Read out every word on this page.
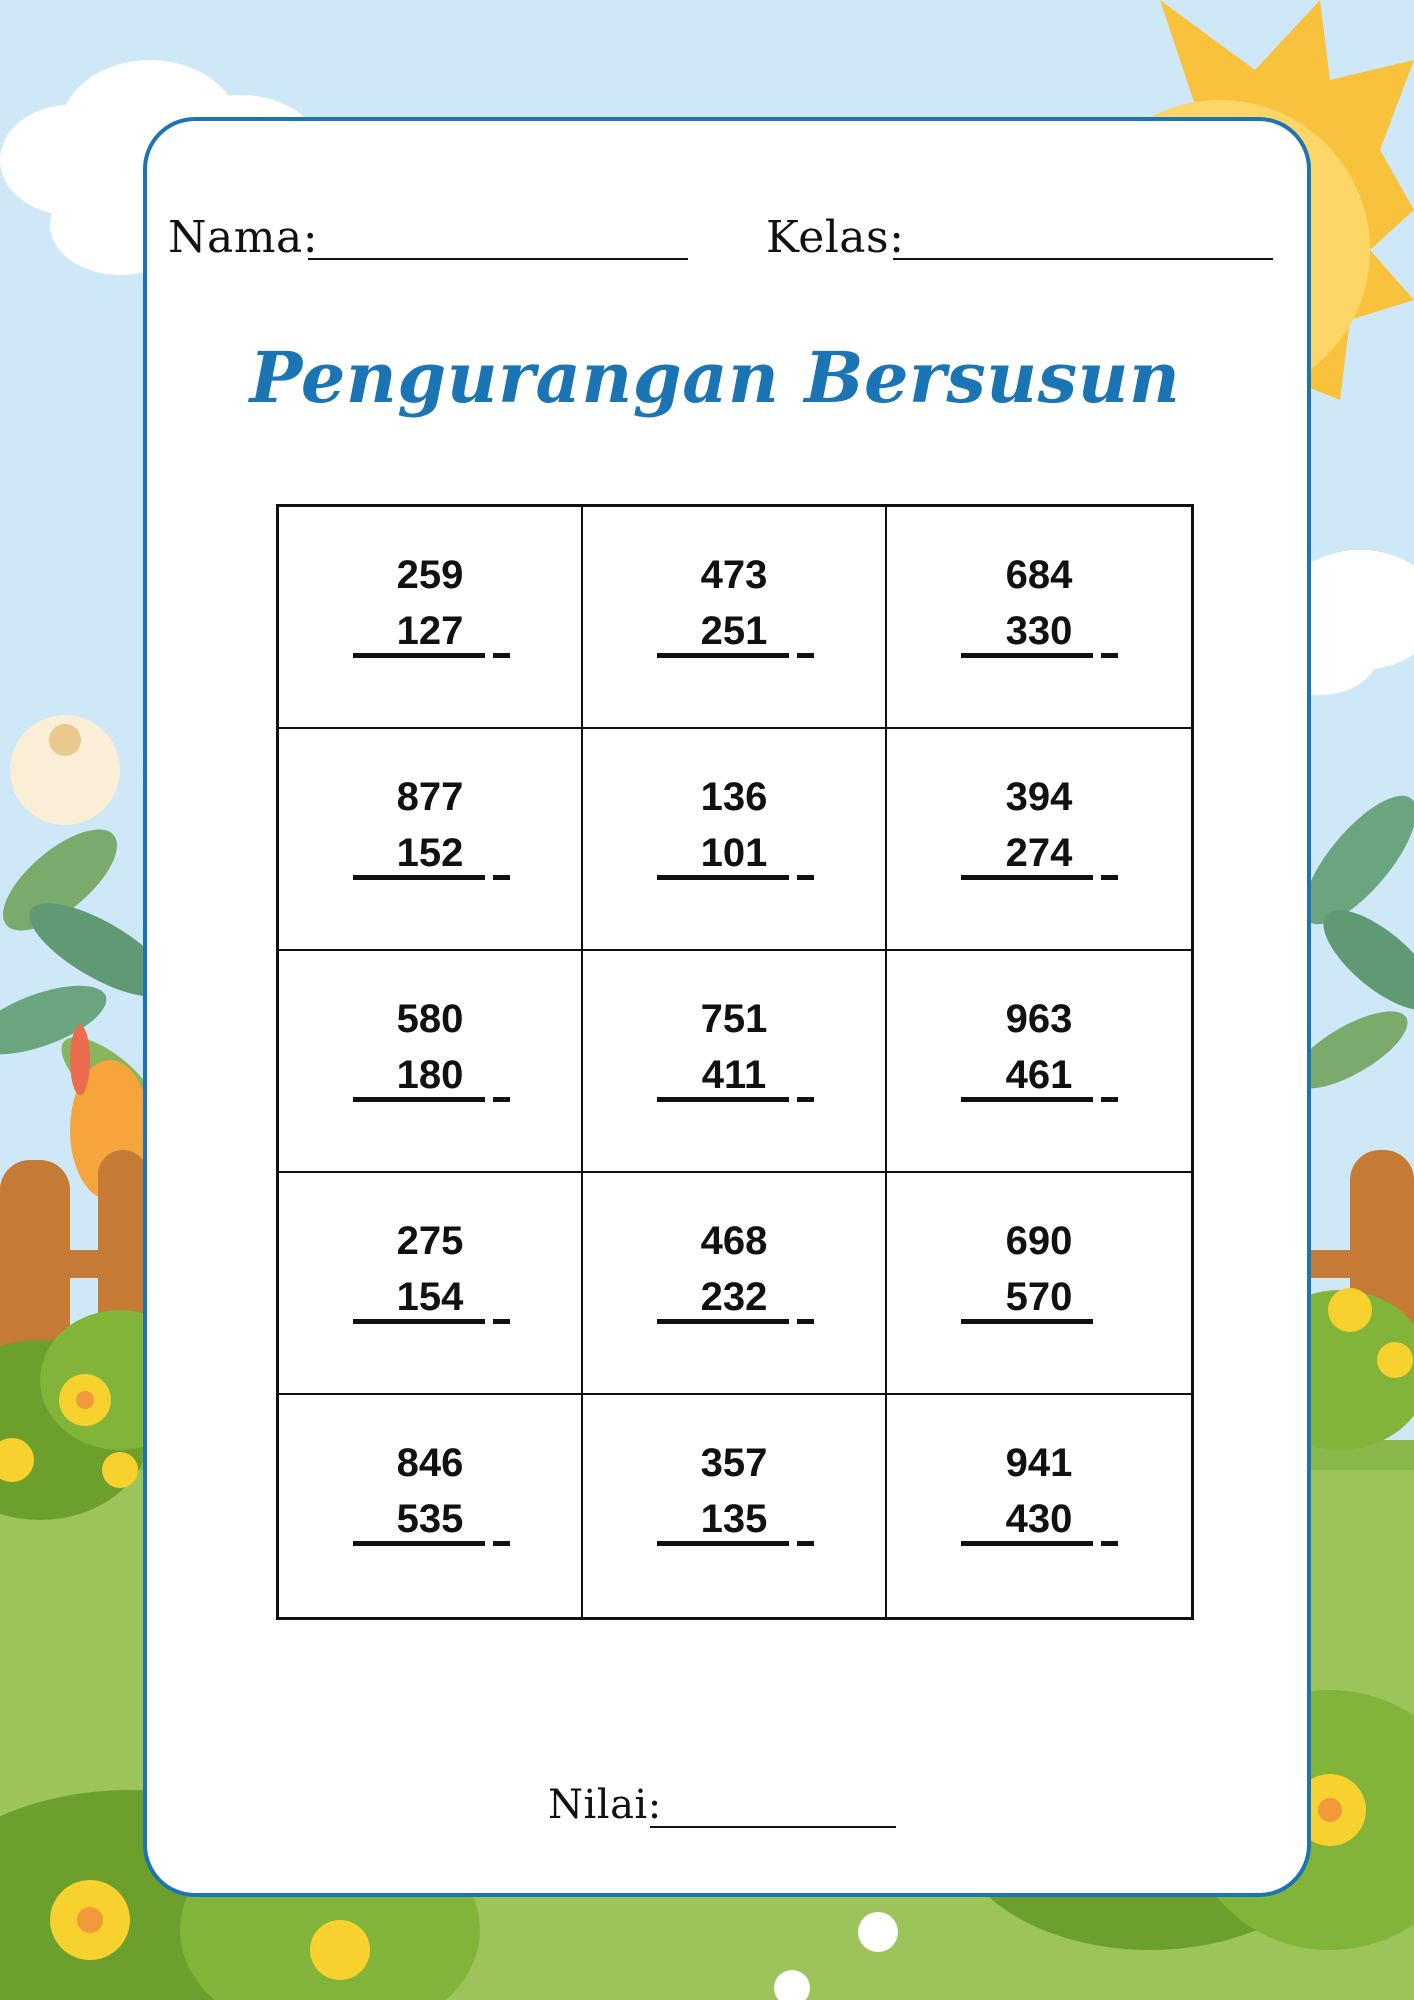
Nama:	Kelas:
Pengurangan Bersusun
259
127
473
251
684
330
877
152
136
101
394
274
580
180
751
411
963
461
275
154
468
232
690
570
846
535
357
135
941
430
Nilai:
